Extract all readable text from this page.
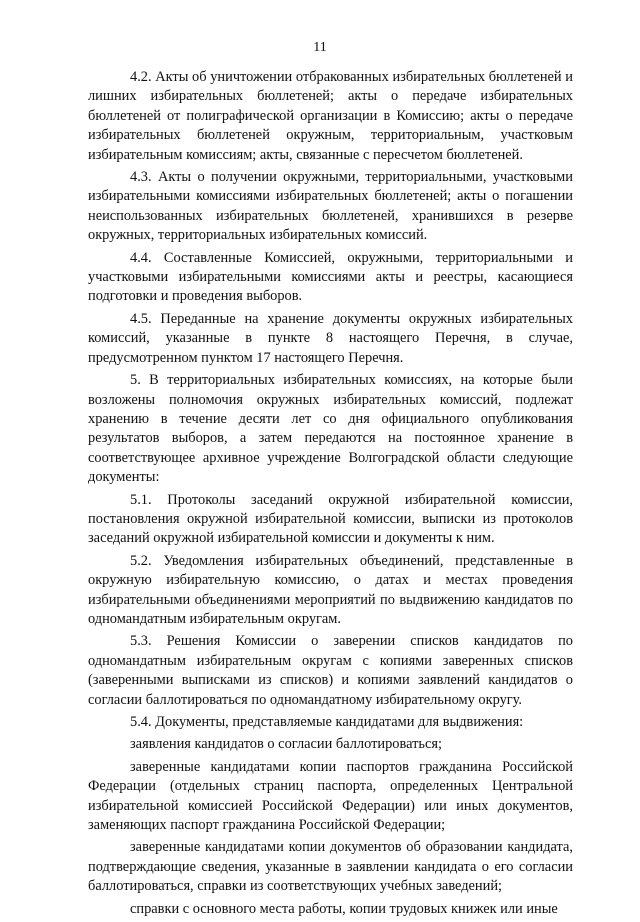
11

4.2. Акты об уничтожении отбракованных избирательных бюллетеней и лишних избирательных бюллетеней; акты о передаче избирательных бюллетеней от полиграфической организации в Комиссию; акты о передаче избирательных бюллетеней окружным, территориальным, участковым избирательным комиссиям; акты, связанные с пересчетом бюллетеней.

4.3. Акты о получении окружными, территориальными, участковыми избирательными комиссиями избирательных бюллетеней; акты о погашении неиспользованных избирательных бюллетеней, хранившихся в резерве окружных, территориальных избирательных комиссий.

4.4. Составленные Комиссией, окружными, территориальными и участковыми избирательными комиссиями акты и реестры, касающиеся подготовки и проведения выборов.

4.5. Переданные на хранение документы окружных избирательных комиссий, указанные в пункте 8 настоящего Перечня, в случае, предусмотренном пунктом 17 настоящего Перечня.

5. В территориальных избирательных комиссиях, на которые были возложены полномочия окружных избирательных комиссий, подлежат хранению в течение десяти лет со дня официального опубликования результатов выборов, а затем передаются на постоянное хранение в соответствующее архивное учреждение Волгоградской области следующие документы:

5.1. Протоколы заседаний окружной избирательной комиссии, постановления окружной избирательной комиссии, выписки из протоколов заседаний окружной избирательной комиссии и документы к ним.

5.2. Уведомления избирательных объединений, представленные в окружную избирательную комиссию, о датах и местах проведения избирательными объединениями мероприятий по выдвижению кандидатов по одномандатным избирательным округам.

5.3. Решения Комиссии о заверении списков кандидатов по одномандатным избирательным округам с копиями заверенных списков (заверенными выписками из списков) и копиями заявлений кандидатов о согласии баллотироваться по одномандатному избирательному округу.

5.4. Документы, представляемые кандидатами для выдвижения:

заявления кандидатов о согласии баллотироваться;

заверенные кандидатами копии паспортов гражданина Российской Федерации (отдельных страниц паспорта, определенных Центральной избирательной комиссией Российской Федерации) или иных документов, заменяющих паспорт гражданина Российской Федерации;

заверенные кандидатами копии документов об образовании кандидата, подтверждающие сведения, указанные в заявлении кандидата о его согласии баллотироваться, справки из соответствующих учебных заведений;

справки с основного места работы, копии трудовых книжек или иные
